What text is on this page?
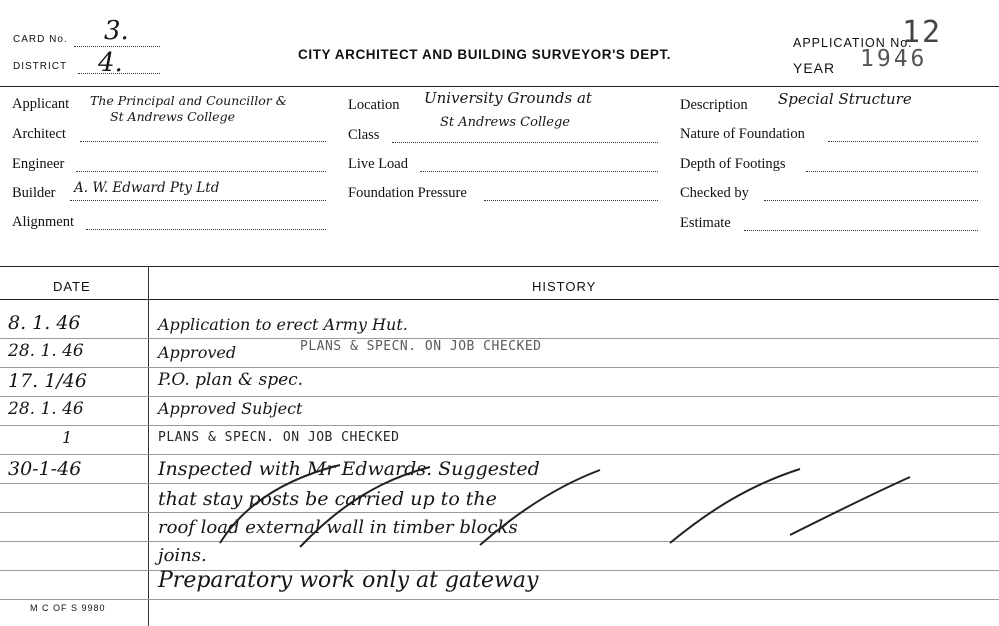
CARD No. 3.
DISTRICT 4.	CITY ARCHITECT AND BUILDING SURVEYOR'S DEPT.
APPLICATION No.
12
YEAR 1946
Applicant The Principal and Councillor &
St Andrews College
Architect
Engineer
Builder A. W. Edward Pty Ltd
Alignment
Location University Grounds at
St Andrews College
Class
Live Load
Foundation Pressure
Description Special Structure
Nature of Foundation
Depth of Footings
Checked by
Estimate
DATE	HISTORY
8. 1. 46	Application to erect Army Hut.
28. 1. 46	Approved	PLANS & SPECN. ON JOB CHECKED
17. 1/46	P.O. plan & spec.
28. 1. 46	Approved Subject
1	PLANS & SPECN. ON JOB CHECKED
30-1-46	Inspected with Mr Edwards. Suggested
that stay posts be carried up to the
roof load external wall in timber blocks
joins.
Preparatory work only at gateway
M C OF S 9980
